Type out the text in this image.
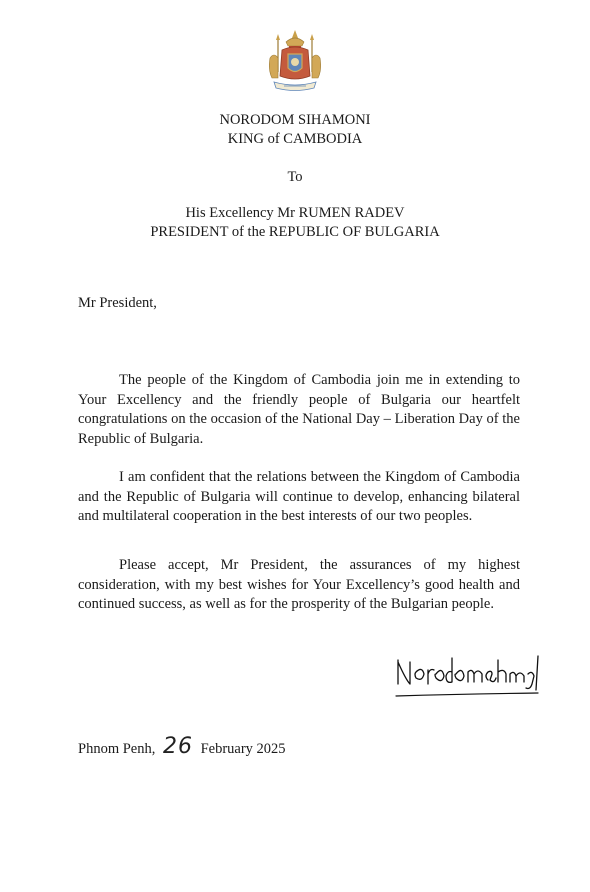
NORODOM SIHAMONI
KING of CAMBODIA
To
His Excellency Mr RUMEN RADEV
PRESIDENT of the REPUBLIC OF BULGARIA
Mr President,

The people of the Kingdom of Cambodia join me in extending to Your Excellency and the friendly people of Bulgaria our heartfelt congratulations on the occasion of the National Day – Liberation Day of the Republic of Bulgaria.

I am confident that the relations between the Kingdom of Cambodia and the Republic of Bulgaria will continue to develop, enhancing bilateral and multilateral cooperation in the best interests of our two peoples.

Please accept, Mr President, the assurances of my highest consideration, with my best wishes for Your Excellency’s good health and continued success, as well as for the prosperity of the Bulgarian people.

Phnom Penh, 26 February 2025
